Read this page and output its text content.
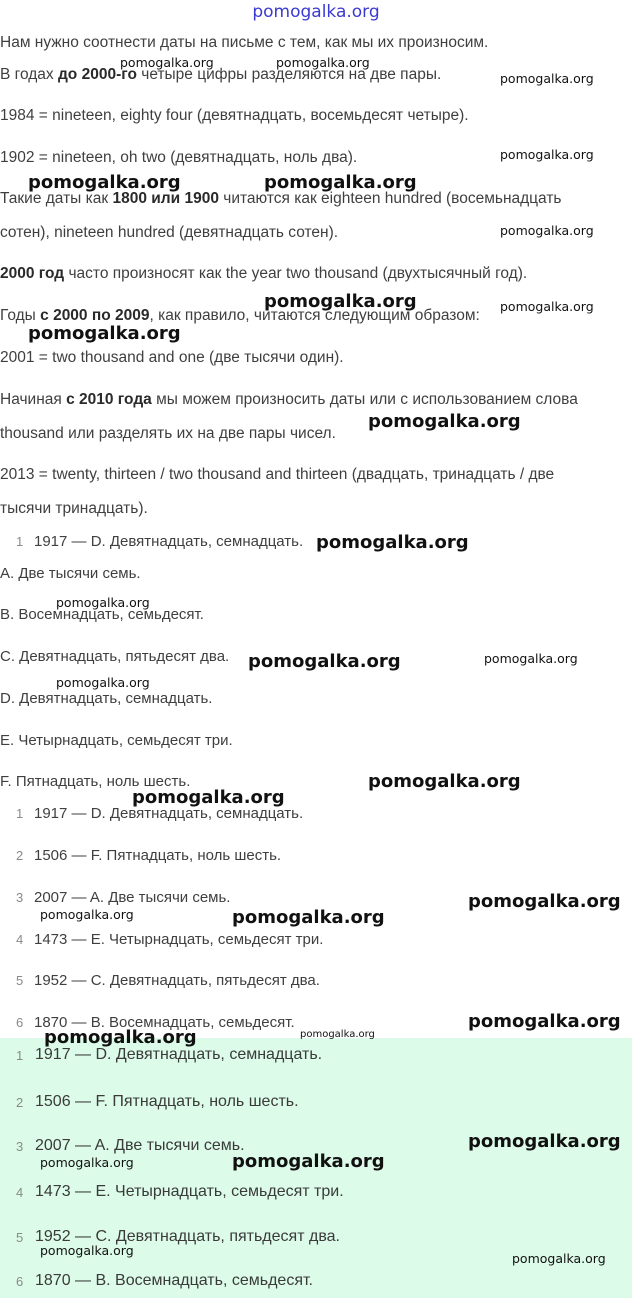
pomogalka.org
Нам нужно соотнести даты на письме с тем, как мы их произносим.
В годах до 2000-го четыре цифры разделяются на две пары.
1984 = nineteen, eighty four (девятнадцать, восемьдесят четыре).
1902 = nineteen, oh two (девятнадцать, ноль два).
Такие даты как 1800 или 1900 читаются как eighteen hundred (восемьнадцать
сотен), nineteen hundred (девятнадцать сотен).
2000 год часто произносят как the year two thousand (двухтысячный год).
Годы с 2000 по 2009, как правило, читаются следующим образом:
2001 = two thousand and one (две тысячи один).
Начиная с 2010 года мы можем произносить даты или с использованием слова
thousand или разделять их на две пары чисел.
2013 = twenty, thirteen / two thousand and thirteen (двадцать, тринадцать / две
тысячи тринадцать).
1 1917 — D. Девятнадцать, семнадцать.
A. Две тысячи семь.
B. Восемнадцать, семьдесят.
C. Девятнадцать, пятьдесят два.
D. Девятнадцать, семнадцать.
E. Четырнадцать, семьдесят три.
F. Пятнадцать, ноль шесть.
1 1917 — D. Девятнадцать, семнадцать.
2 1506 — F. Пятнадцать, ноль шесть.
3 2007 — A. Две тысячи семь.
4 1473 — E. Четырнадцать, семьдесят три.
5 1952 — C. Девятнадцать, пятьдесят два.
6 1870 — B. Восемнадцать, семьдесят.
1 1917 — D. Девятнадцать, семнадцать.
2 1506 — F. Пятнадцать, ноль шесть.
3 2007 — A. Две тысячи семь.
4 1473 — E. Четырнадцать, семьдесят три.
5 1952 — C. Девятнадцать, пятьдесят два.
6 1870 — B. Восемнадцать, семьдесят.
pomogalka.org	pomogalka.org
pomogalka.org
pomogalka.org
pomogalka.org	pomogalka.org
pomogalka.org
pomogalka.org	pomogalka.org
pomogalka.org
pomogalka.org
pomogalka.org
pomogalka.org
pomogalka.org	pomogalka.org
pomogalka.org
pomogalka.org
pomogalka.org
pomogalka.org
pomogalka.org	pomogalka.org
pomogalka.org
pomogalka.org
pomogalka.org
pomogalka.org
pomogalka.org	pomogalka.org
pomogalka.org
pomogalka.org
